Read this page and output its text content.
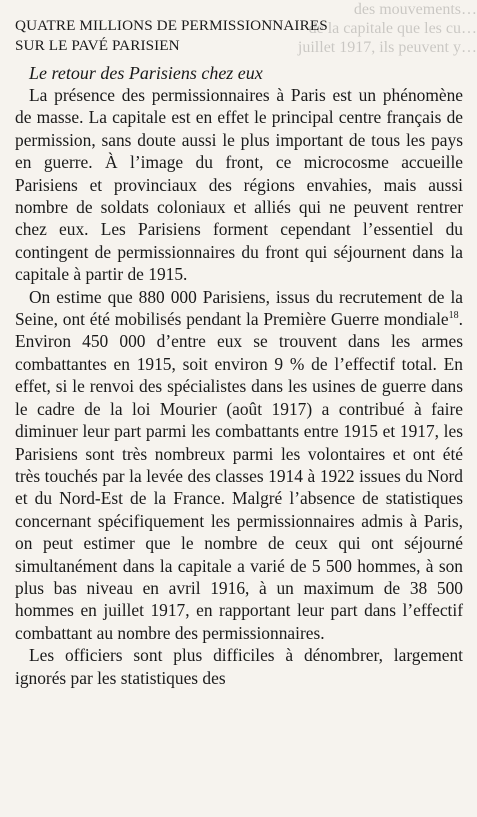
des mouvements…
de la capitale que les cu…
juillet 1917, ils peuvent y…
QUATRE MILLIONS DE PERMISSIONNAIRES
SUR LE PAVÉ PARISIEN
Le retour des Parisiens chez eux

La présence des permissionnaires à Paris est un phénomène de masse. La capitale est en effet le principal centre français de permission, sans doute aussi le plus important de tous les pays en guerre. À l’image du front, ce microcosme accueille Parisiens et provinciaux des régions envahies, mais aussi nombre de soldats coloniaux et alliés qui ne peuvent rentrer chez eux. Les Parisiens forment cependant l’essentiel du contingent de permissionnaires du front qui séjournent dans la capitale à partir de 1915.

On estime que 880 000 Parisiens, issus du recrutement de la Seine, ont été mobilisés pendant la Première Guerre mondiale$^{18}$. Environ 450 000 d’entre eux se trouvent dans les armes combattantes en 1915, soit environ 9 % de l’effectif total. En effet, si le renvoi des spécialistes dans les usines de guerre dans le cadre de la loi Mourier (août 1917) a contribué à faire diminuer leur part parmi les combattants entre 1915 et 1917, les Parisiens sont très nombreux parmi les volontaires et ont été très touchés par la levée des classes 1914 à 1922 issues du Nord et du Nord-Est de la France. Malgré l’absence de statistiques concernant spécifiquement les permissionnaires admis à Paris, on peut estimer que le nombre de ceux qui ont séjourné simultanément dans la capitale a varié de 5 500 hommes, à son plus bas niveau en avril 1916, à un maximum de 38 500 hommes en juillet 1917, en rapportant leur part dans l’effectif combattant au nombre des permissionnaires.

Les officiers sont plus difficiles à dénombrer, largement ignorés par les statistiques des
